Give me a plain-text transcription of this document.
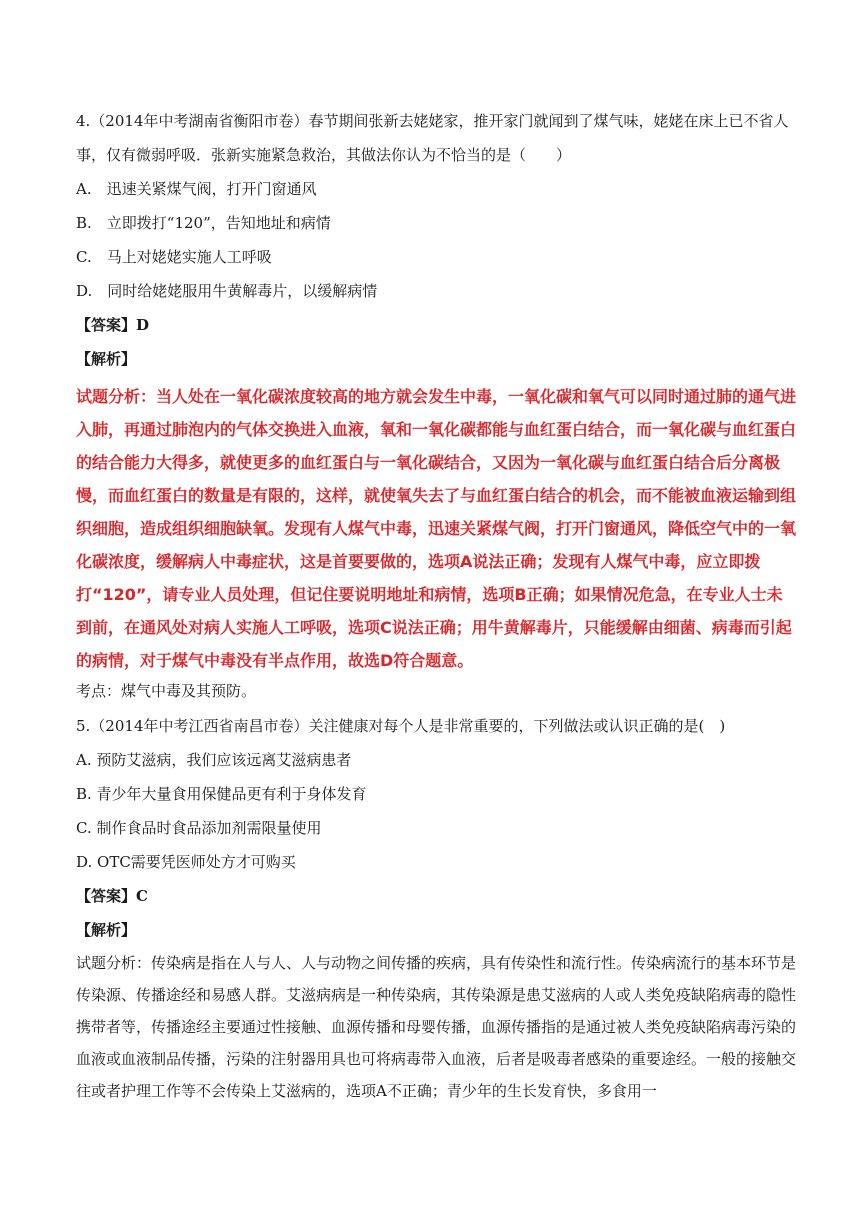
4.（2014年中考湖南省衡阳市卷）春节期间张新去姥姥家，推开家门就闻到了煤气味，姥姥在床上已不省人事，仅有微弱呼吸．张新实施紧急救治，其做法你认为不恰当的是（　　）

A.　迅速关紧煤气阀，打开门窗通风

B.　立即拨打“120”，告知地址和病情

C.　马上对姥姥实施人工呼吸

D.　同时给姥姥服用牛黄解毒片，以缓解病情

【答案】D

【解析】

试题分析：当人处在一氧化碳浓度较高的地方就会发生中毒，一氧化碳和氧气可以同时通过肺的通气进入肺，再通过肺泡内的气体交换进入血液，氧和一氧化碳都能与血红蛋白结合，而一氧化碳与血红蛋白的结合能力大得多，就使更多的血红蛋白与一氧化碳结合，又因为一氧化碳与血红蛋白结合后分离极慢，而血红蛋白的数量是有限的，这样，就使氧失去了与血红蛋白结合的机会，而不能被血液运输到组织细胞，造成组织细胞缺氧。发现有人煤气中毒，迅速关紧煤气阀，打开门窗通风，降低空气中的一氧化碳浓度，缓解病人中毒症状，这是首要要做的，选项A说法正确；发现有人煤气中毒，应立即拨打“120”，请专业人员处理，但记住要说明地址和病情，选项B正确；如果情况危急，在专业人士未到前，在通风处对病人实施人工呼吸，选项C说法正确；用牛黄解毒片，只能缓解由细菌、病毒而引起的病情，对于煤气中毒没有半点作用，故选D符合题意。

考点：煤气中毒及其预防。

5.（2014年中考江西省南昌市卷）关注健康对每个人是非常重要的，下列做法或认识正确的是(　)

A. 预防艾滋病，我们应该远离艾滋病患者

B. 青少年大量食用保健品更有利于身体发育

C. 制作食品时食品添加剂需限量使用

D. OTC需要凭医师处方才可购买

【答案】C

【解析】

试题分析：传染病是指在人与人、人与动物之间传播的疾病，具有传染性和流行性。传染病流行的基本环节是传染源、传播途经和易感人群。艾滋病病是一种传染病，其传染源是患艾滋病的人或人类免疫缺陷病毒的隐性携带者等，传播途经主要通过性接触、血源传播和母婴传播，血源传播指的是通过被人类免疫缺陷病毒污染的血液或血液制品传播，污染的注射器用具也可将病毒带入血液，后者是吸毒者感染的重要途经。一般的接触交往或者护理工作等不会传染上艾滋病的，选项A不正确；青少年的生长发育快，多食用一
